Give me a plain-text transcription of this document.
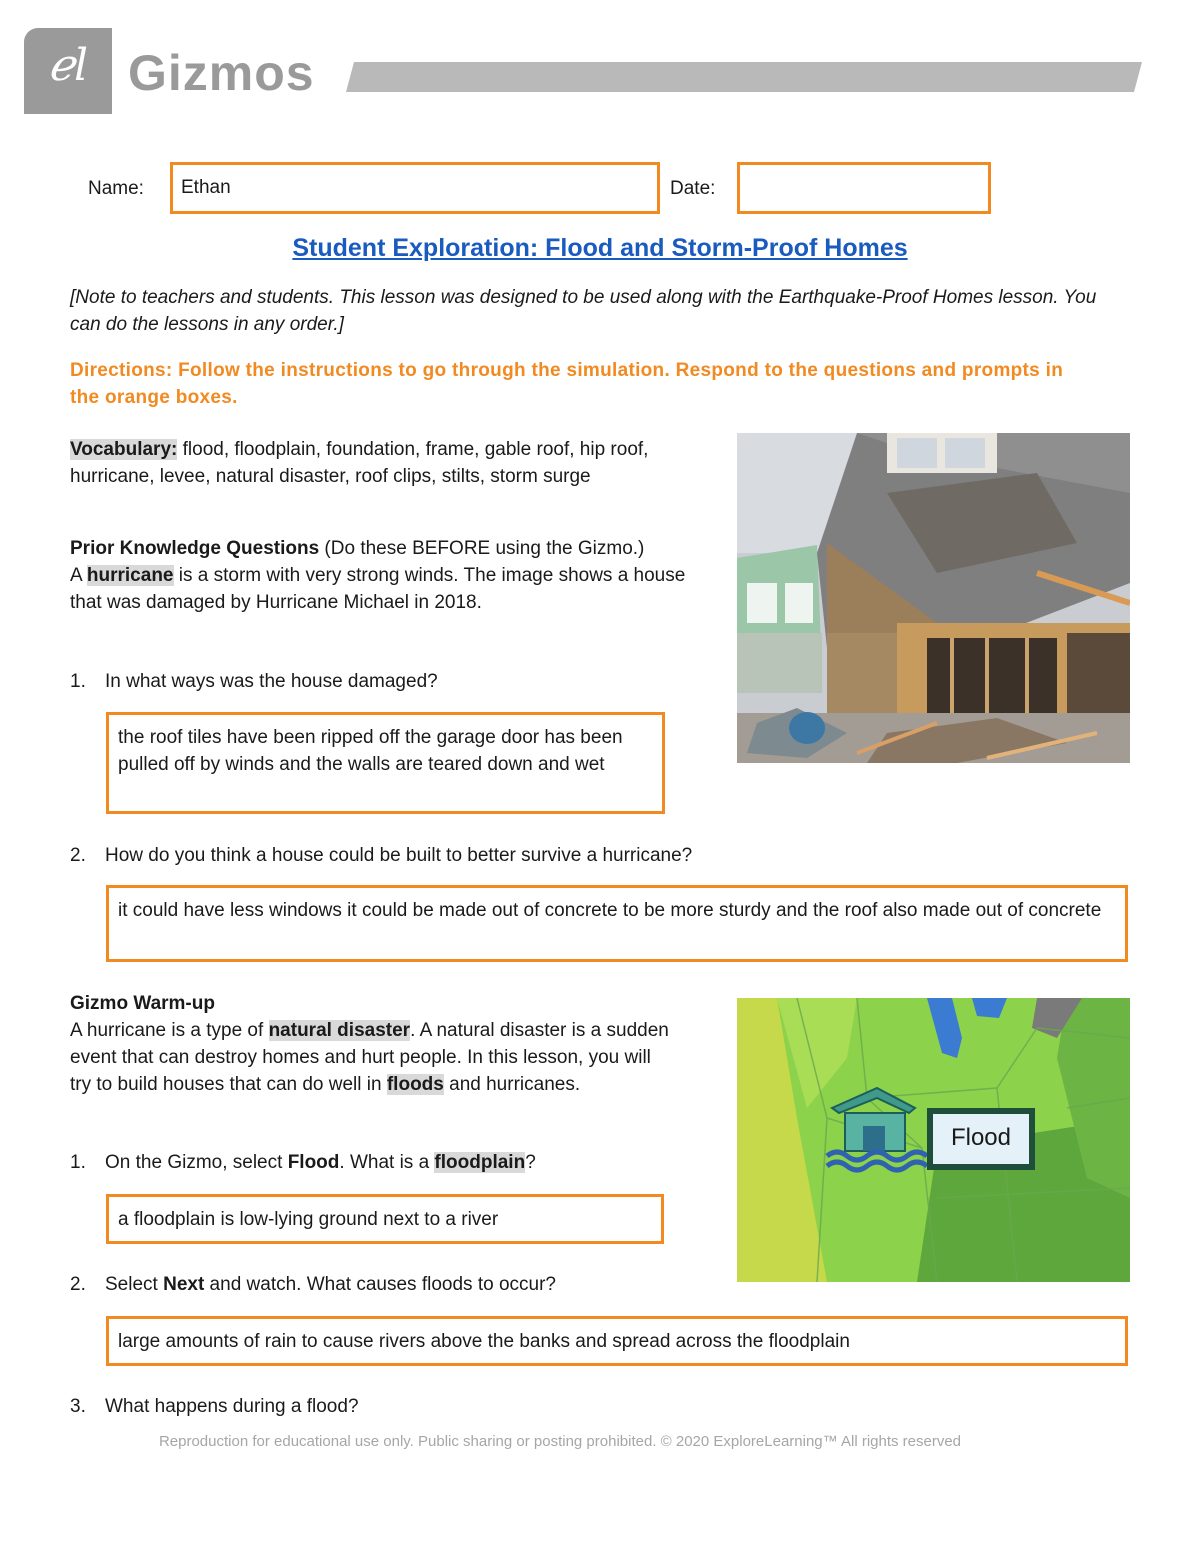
ℯl Gizmos
Name:	Ethan	Date:
Student Exploration: Flood and Storm-Proof Homes
[Note to teachers and students. This lesson was designed to be used along with the Earthquake-Proof Homes lesson. You can do the lessons in any order.]
Directions: Follow the instructions to go through the simulation. Respond to the questions and prompts in the orange boxes.
Vocabulary: flood, floodplain, foundation, frame, gable roof, hip roof, hurricane, levee, natural disaster, roof clips, stilts, storm surge
Prior Knowledge Questions (Do these BEFORE using the Gizmo.)
A hurricane is a storm with very strong winds. The image shows a house that was damaged by Hurricane Michael in 2018.
1. In what ways was the house damaged?
the roof tiles have been ripped off the garage door has been pulled off by winds and the walls are teared down and wet
2. How do you think a house could be built to better survive a hurricane?
it could have less windows it could be made out of concrete to be more sturdy and the roof also made out of concrete
Gizmo Warm-up
A hurricane is a type of natural disaster. A natural disaster is a sudden event that can destroy homes and hurt people. In this lesson, you will try to build houses that can do well in floods and hurricanes.
Flood
1. On the Gizmo, select Flood. What is a floodplain?
a floodplain is low-lying ground next to a river
2. Select Next and watch. What causes floods to occur?
large amounts of rain to cause rivers above the banks and spread across the floodplain
3. What happens during a flood?
Reproduction for educational use only. Public sharing or posting prohibited. © 2020 ExploreLearning™ All rights reserved
